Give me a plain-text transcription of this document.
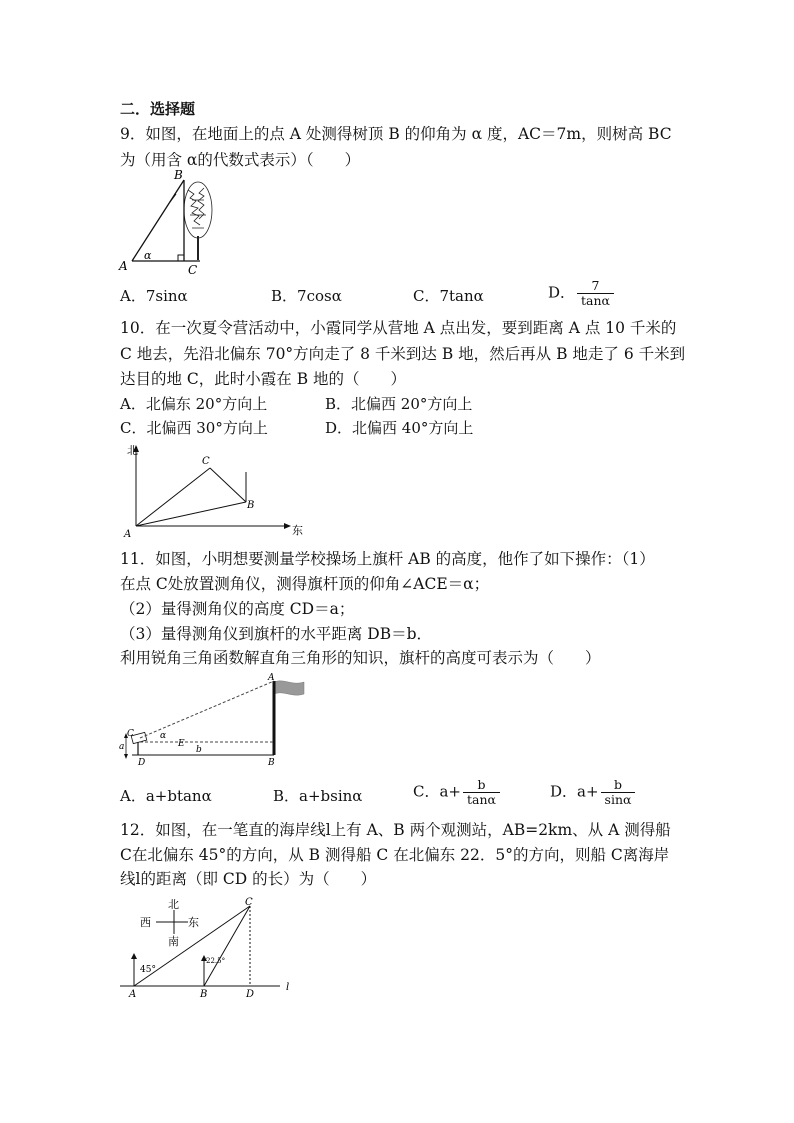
二．选择题
9．如图，在地面上的点 A 处测得树顶 B 的仰角为 α 度，AC＝7m，则树高 BC
为（用含 α的代数式表示）（　　）
B
A	C
α
A．7sinα	B．7cosα	C．7tanα	D． $\frac{7}{\tan\alpha}$
10．在一次夏令营活动中，小霞同学从营地 A 点出发，要到距离 A 点 10 千米的
C 地去，先沿北偏东 70°方向走了 8 千米到达 B 地，然后再从 B 地走了 6 千米到
达目的地 C，此时小霞在 B 地的（　　）
A．北偏东 20°方向上	B．北偏西 20°方向上
C．北偏西 30°方向上	D．北偏西 40°方向上
北
东
A
B
C
11．如图，小明想要测量学校操场上旗杆 AB 的高度，他作了如下操作：（1）
在点 C处放置测角仪，测得旗杆顶的仰角∠ACE＝α；
（2）量得测角仪的高度 CD＝a；
（3）量得测角仪到旗杆的水平距离 DB＝b．
利用锐角三角函数解直角三角形的知识，旗杆的高度可表示为（　　）
A
B
C
D
E
α
a	b
A．a+btanα	B．a+bsinα	C．$a+ \frac{b}{\tan\alpha}$	D．$a+ \frac{b}{\sin\alpha}$
12．如图，在一笔直的海岸线l上有 A、B 两个观测站，AB=2km、从 A 测得船
C在北偏东 45°的方向，从 B 测得船 C 在北偏东 22．5°的方向，则船 C离海岸
线l的距离（即 CD 的长）为（　　）
北
南
西	东
45°
22.5°
A	B
C
D
l
